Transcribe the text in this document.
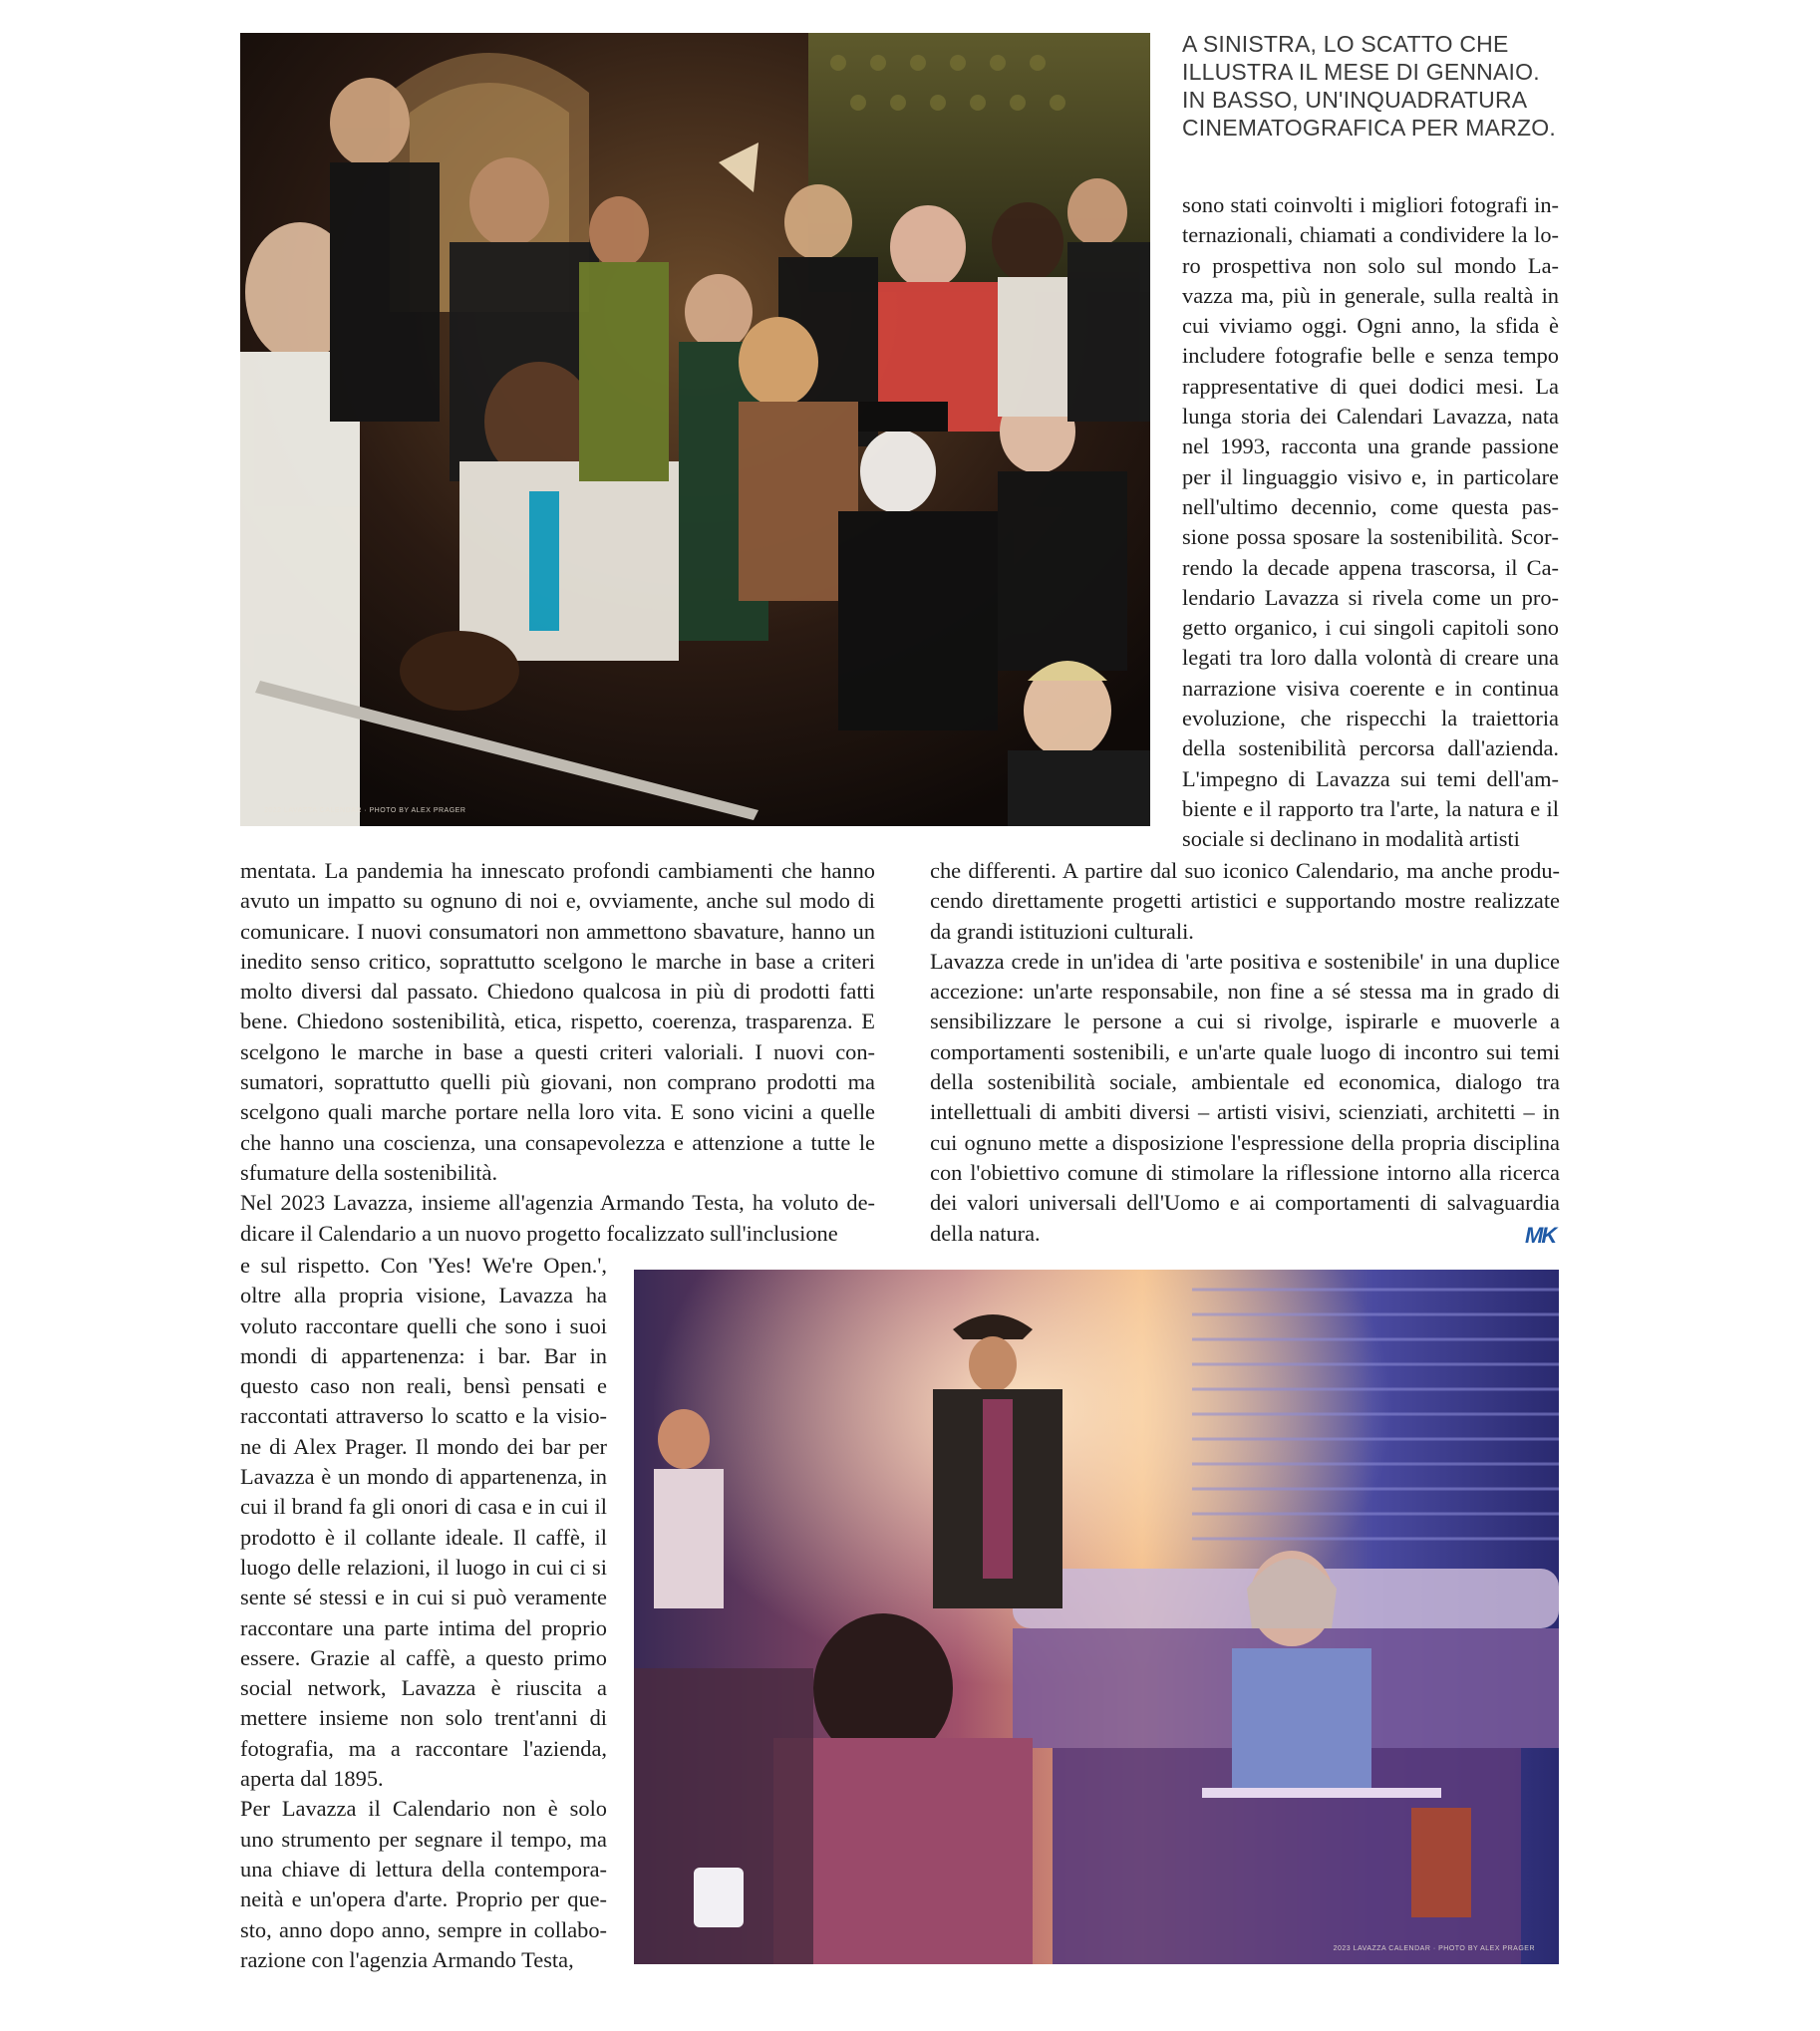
2022 LAVAZZA CALENDAR · PHOTO BY ALEX PRAGER
A SINISTRA, LO SCATTO CHE ILLUSTRA IL MESE DI GENNAIO. IN BASSO, UN'INQUADRATURA CINEMATOGRAFICA PER MARZO.

sono stati coinvolti i migliori fotografi internazionali, chiamati a condividere la loro prospettiva non solo sul mondo Lavazza ma, più in generale, sulla realtà in cui viviamo oggi. Ogni anno, la sfida è includere fotografie belle e senza tempo rappresentative di quei dodici mesi. La lunga storia dei Calendari Lavazza, nata nel 1993, racconta una grande passione per il linguaggio visivo e, in particolare nell'ultimo decennio, come questa passione possa sposare la sostenibilità. Scorrendo la decade appena trascorsa, il Calendario Lavazza si rivela come un progetto organico, i cui singoli capitoli sono legati tra loro dalla volontà di creare una narrazione visiva coerente e in continua evoluzione, che rispecchi la traiettoria della sostenibilità percorsa dall'azienda. L'impegno di Lavazza sui temi dell'ambiente e il rapporto tra l'arte, la natura e il sociale si declinano in modalità artisti

mentata. La pandemia ha innescato profondi cambiamenti che hanno avuto un impatto su ognuno di noi e, ovviamente, anche sul modo di comunicare. I nuovi consumatori non ammettono sbavature, hanno un inedito senso critico, soprattutto scelgono le marche in base a criteri molto diversi dal passato. Chiedono qualcosa in più di prodotti fatti bene. Chiedono sostenibilità, etica, rispetto, coerenza, trasparenza. E scelgono le marche in base a questi criteri valoriali. I nuovi consumatori, soprattutto quelli più giovani, non comprano prodotti ma scelgono quali marche portare nella loro vita. E sono vicini a quelle che hanno una coscienza, una consapevolezza e attenzione a tutte le sfumature della sostenibilità.

Nel 2023 Lavazza, insieme all'agenzia Armando Testa, ha voluto dedicare il Calendario a un nuovo progetto focalizzato sull'inclusione

che differenti. A partire dal suo iconico Calendario, ma anche producendo direttamente progetti artistici e supportando mostre realizzate da grandi istituzioni culturali.

Lavazza crede in un'idea di 'arte positiva e sostenibile' in una duplice accezione: un'arte responsabile, non fine a sé stessa ma in grado di sensibilizzare le persone a cui si rivolge, ispirarle e muoverle a comportamenti sostenibili, e un'arte quale luogo di incontro sui temi della sostenibilità sociale, ambientale ed economica, dialogo tra intellettuali di ambiti diversi – artisti visivi, scienziati, architetti – in cui ognuno mette a disposizione l'espressione della propria disciplina con l'obiettivo comune di stimolare la riflessione intorno alla ricerca dei valori universali dell'Uomo e ai comportamenti di salvaguardia della natura.	MK

e sul rispetto. Con 'Yes! We're Open.', oltre alla propria visione, Lavazza ha voluto raccontare quelli che sono i suoi mondi di appartenenza: i bar. Bar in questo caso non reali, bensì pensati e raccontati attraverso lo scatto e la visione di Alex Prager. Il mondo dei bar per Lavazza è un mondo di appartenenza, in cui il brand fa gli onori di casa e in cui il prodotto è il collante ideale. Il caffè, il luogo delle relazioni, il luogo in cui ci si sente sé stessi e in cui si può veramente raccontare una parte intima del proprio essere. Grazie al caffè, a questo primo social network, Lavazza è riuscita a mettere insieme non solo trent'anni di fotografia, ma a raccontare l'azienda, aperta dal 1895.

Per Lavazza il Calendario non è solo uno strumento per segnare il tempo, ma una chiave di lettura della contemporaneità e un'opera d'arte. Proprio per questo, anno dopo anno, sempre in collaborazione con l'agenzia Armando Testa,	2023 LAVAZZA CALENDAR · PHOTO BY ALEX PRAGER
